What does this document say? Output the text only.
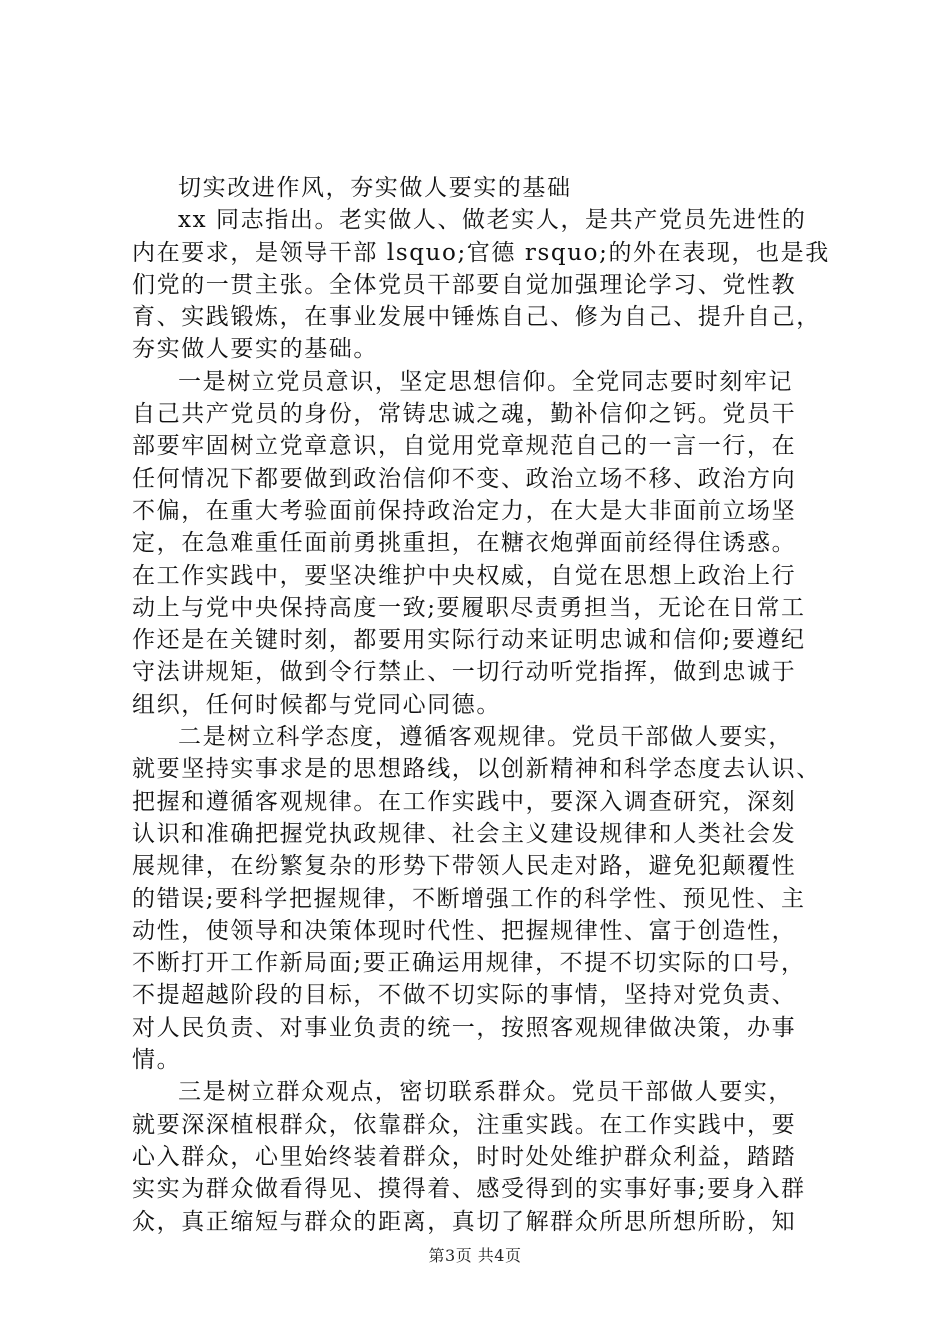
切实改进作风，夯实做人要实的基础
xx 同志指出。老实做人、做老实人，是共产党员先进性的
内在要求，是领导干部 lsquo;官德 rsquo;的外在表现，也是我
们党的一贯主张。全体党员干部要自觉加强理论学习、党性教
育、实践锻炼，在事业发展中锤炼自己、修为自己、提升自己，
夯实做人要实的基础。
一是树立党员意识，坚定思想信仰。全党同志要时刻牢记
自己共产党员的身份，常铸忠诚之魂，勤补信仰之钙。党员干
部要牢固树立党章意识，自觉用党章规范自己的一言一行，在
任何情况下都要做到政治信仰不变、政治立场不移、政治方向
不偏，在重大考验面前保持政治定力，在大是大非面前立场坚
定，在急难重任面前勇挑重担，在糖衣炮弹面前经得住诱惑。
在工作实践中，要坚决维护中央权威，自觉在思想上政治上行
动上与党中央保持高度一致;要履职尽责勇担当，无论在日常工
作还是在关键时刻，都要用实际行动来证明忠诚和信仰;要遵纪
守法讲规矩，做到令行禁止、一切行动听党指挥，做到忠诚于
组织，任何时候都与党同心同德。
二是树立科学态度，遵循客观规律。党员干部做人要实，
就要坚持实事求是的思想路线，以创新精神和科学态度去认识、
把握和遵循客观规律。在工作实践中，要深入调查研究，深刻
认识和准确把握党执政规律、社会主义建设规律和人类社会发
展规律，在纷繁复杂的形势下带领人民走对路，避免犯颠覆性
的错误;要科学把握规律，不断增强工作的科学性、预见性、主
动性，使领导和决策体现时代性、把握规律性、富于创造性，
不断打开工作新局面;要正确运用规律，不提不切实际的口号，
不提超越阶段的目标，不做不切实际的事情，坚持对党负责、
对人民负责、对事业负责的统一，按照客观规律做决策，办事
情。
三是树立群众观点，密切联系群众。党员干部做人要实，
就要深深植根群众，依靠群众，注重实践。在工作实践中，要
心入群众，心里始终装着群众，时时处处维护群众利益，踏踏
实实为群众做看得见、摸得着、感受得到的实事好事;要身入群
众，真正缩短与群众的距离，真切了解群众所思所想所盼，知
第3页 共4页
